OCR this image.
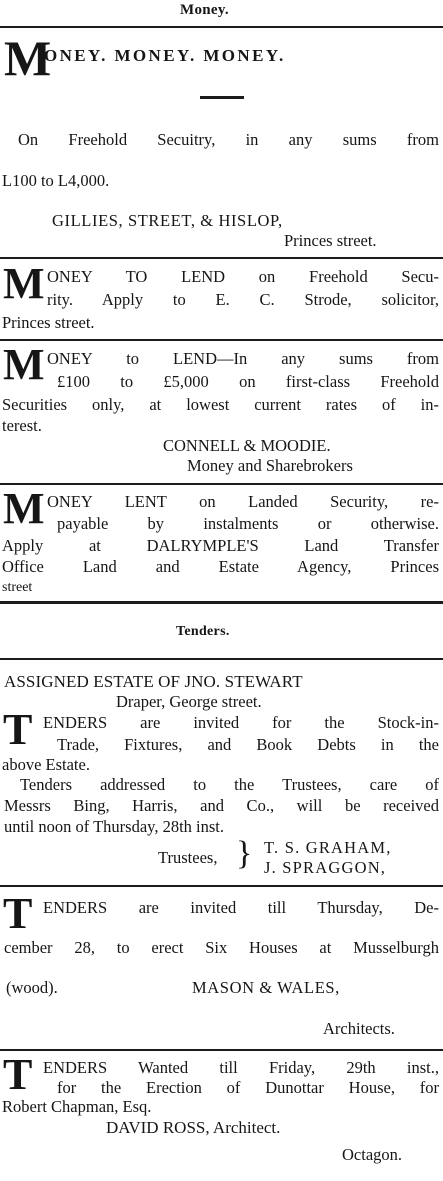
Money.
M
ONEY. MONEY. MONEY.
On Freehold Secuitry, in any sums from
L100 to L4,000.
GILLIES, STREET, & HISLOP,
Princes street.
M ONEY TO LEND on Freehold Secu-
rity. Apply to E. C. Strode, solicitor,
Princes street.
M ONEY to LEND—In any sums from
£100 to £5,000 on first-class Freehold
Securities only, at lowest current rates of in-
terest.
CONNELL & MOODIE.
Money and Sharebrokers
M ONEY LENT on Landed Security, re-
payable by instalments or otherwise.
Apply at DALRYMPLE'S Land Transfer
Office Land and Estate Agency, Princes
street
Tenders.
ASSIGNED ESTATE OF JNO. STEWART
Draper, George street.
T ENDERS are invited for the Stock-in-
Trade, Fixtures, and Book Debts in the
above Estate.
Tenders addressed to the Trustees, care of
Messrs Bing, Harris, and Co., will be received
until noon of Thursday, 28th inst.
Trustees, } T. S. GRAHAM,
J. SPRAGGON,
T ENDERS are invited till Thursday, De-
cember 28, to erect Six Houses at Musselburgh
(wood).	MASON & WALES,
Architects.
T ENDERS Wanted till Friday, 29th inst.,
for the Erection of Dunottar House, for
Robert Chapman, Esq.
DAVID ROSS, Architect.
Octagon.
